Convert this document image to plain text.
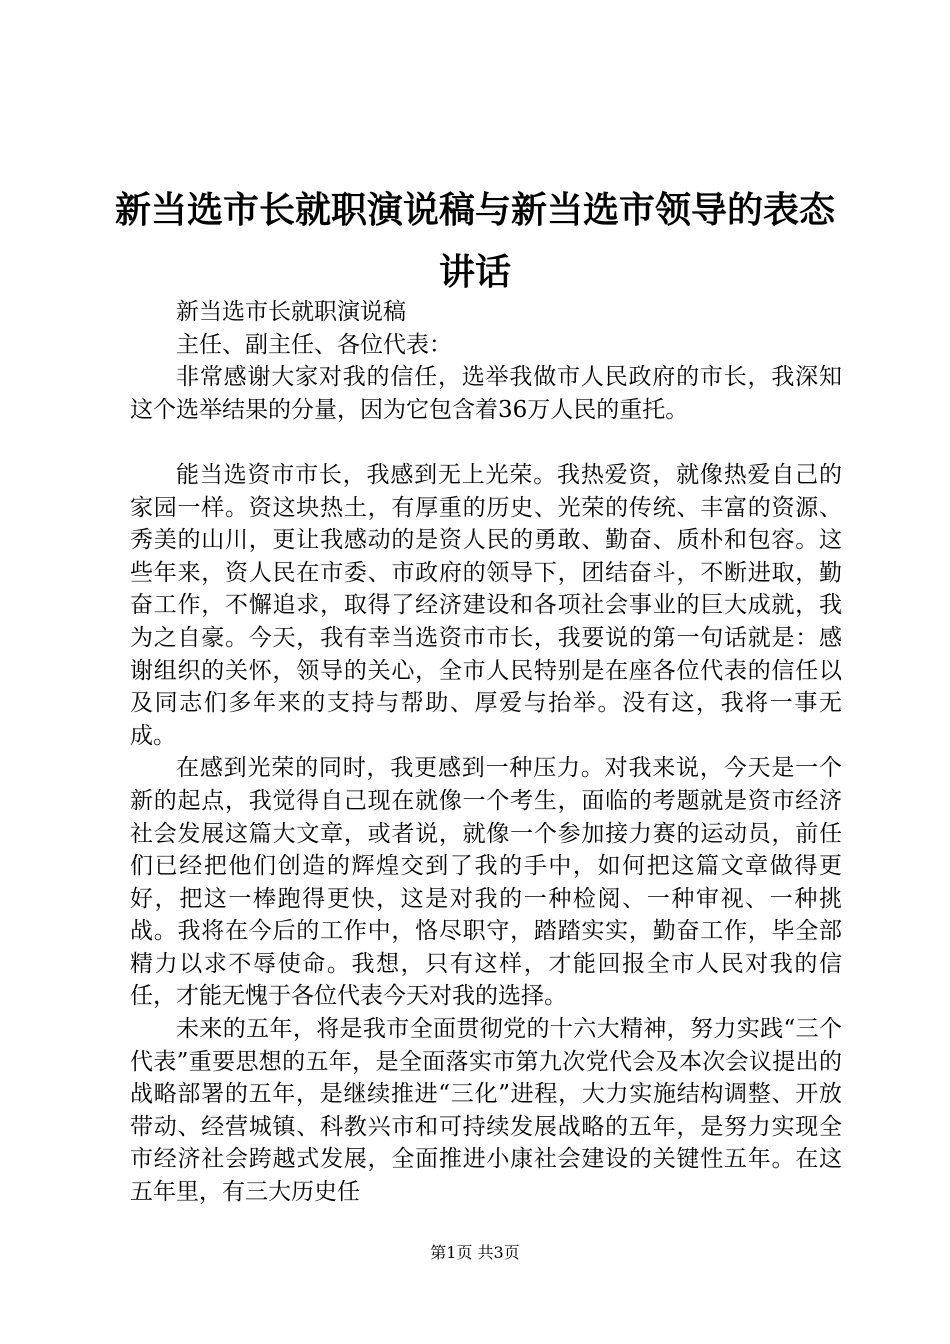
新当选市长就职演说稿与新当选市领导的表态讲话

新当选市长就职演说稿

主任、副主任、各位代表：

非常感谢大家对我的信任，选举我做市人民政府的市长，我深知这个选举结果的分量，因为它包含着36万人民的重托。

能当选资市市长，我感到无上光荣。我热爱资，就像热爱自己的家园一样。资这块热土，有厚重的历史、光荣的传统、丰富的资源、秀美的山川，更让我感动的是资人民的勇敢、勤奋、质朴和包容。这些年来，资人民在市委、市政府的领导下，团结奋斗，不断进取，勤奋工作，不懈追求，取得了经济建设和各项社会事业的巨大成就，我为之自豪。今天，我有幸当选资市市长，我要说的第一句话就是：感谢组织的关怀，领导的关心，全市人民特别是在座各位代表的信任以及同志们多年来的支持与帮助、厚爱与抬举。没有这，我将一事无成。

在感到光荣的同时，我更感到一种压力。对我来说，今天是一个新的起点，我觉得自己现在就像一个考生，面临的考题就是资市经济社会发展这篇大文章，或者说，就像一个参加接力赛的运动员，前任们已经把他们创造的辉煌交到了我的手中，如何把这篇文章做得更好，把这一棒跑得更快，这是对我的一种检阅、一种审视、一种挑战。我将在今后的工作中，恪尽职守，踏踏实实，勤奋工作，毕全部精力以求不辱使命。我想，只有这样，才能回报全市人民对我的信任，才能无愧于各位代表今天对我的选择。

未来的五年，将是我市全面贯彻党的十六大精神，努力实践“三个代表”重要思想的五年，是全面落实市第九次党代会及本次会议提出的战略部署的五年，是继续推进“三化”进程，大力实施结构调整、开放带动、经营城镇、科教兴市和可持续发展战略的五年，是努力实现全市经济社会跨越式发展，全面推进小康社会建设的关键性五年。在这五年里，有三大历史任

第1页 共3页
